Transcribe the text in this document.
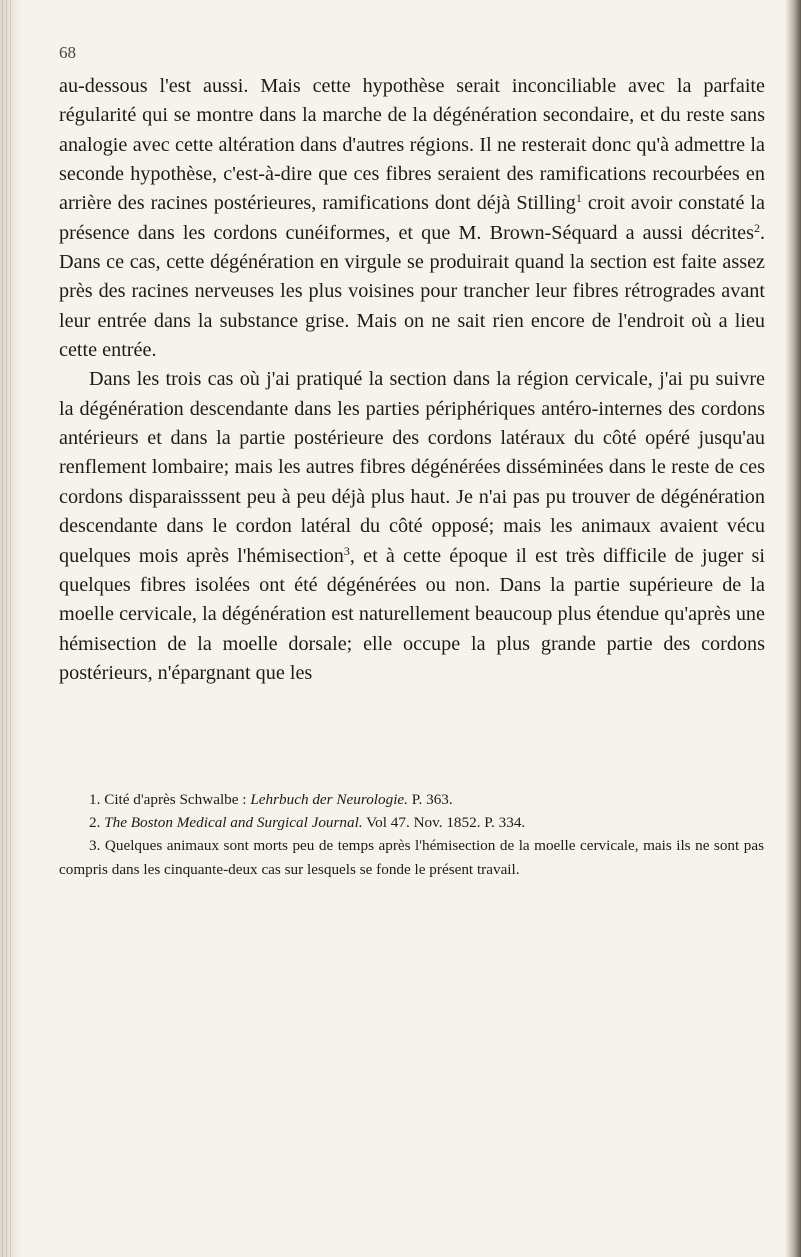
68

au-dessous l'est aussi. Mais cette hypothèse serait inconciliable avec la parfaite régularité qui se montre dans la marche de la dégénération secondaire, et du reste sans analogie avec cette altération dans d'autres régions. Il ne resterait donc qu'à admettre la seconde hypothèse, c'est-à-dire que ces fibres seraient des ramifications recourbées en arrière des racines postérieures, ramifications dont déjà Stilling$^1$ croit avoir constaté la présence dans les cordons cunéiformes, et que M. Brown-Séquard a aussi décrites$^2$. Dans ce cas, cette dégénération en virgule se produirait quand la section est faite assez près des racines nerveuses les plus voisines pour trancher leur fibres rétrogrades avant leur entrée dans la substance grise. Mais on ne sait rien encore de l'endroit où a lieu cette entrée.

Dans les trois cas où j'ai pratiqué la section dans la région cervicale, j'ai pu suivre la dégénération descendante dans les parties périphériques antéro-internes des cordons antérieurs et dans la partie postérieure des cordons latéraux du côté opéré jusqu'au renflement lombaire; mais les autres fibres dégénérées disséminées dans le reste de ces cordons disparaisssent peu à peu déjà plus haut. Je n'ai pas pu trouver de dégénération descendante dans le cordon latéral du côté opposé; mais les animaux avaient vécu quelques mois après l'hémisection$^3$, et à cette époque il est très difficile de juger si quelques fibres isolées ont été dégénérées ou non. Dans la partie supérieure de la moelle cervicale, la dégénération est naturellement beaucoup plus étendue qu'après une hémisection de la moelle dorsale; elle occupe la plus grande partie des cordons postérieurs, n'épargnant que les

1. Cité d'après Schwalbe : Lehrbuch der Neurologie. P. 363.

2. The Boston Medical and Surgical Journal. Vol 47. Nov. 1852. P. 334.

3. Quelques animaux sont morts peu de temps après l'hémisection de la moelle cervicale, mais ils ne sont pas compris dans les cinquante-deux cas sur lesquels se fonde le présent travail.
